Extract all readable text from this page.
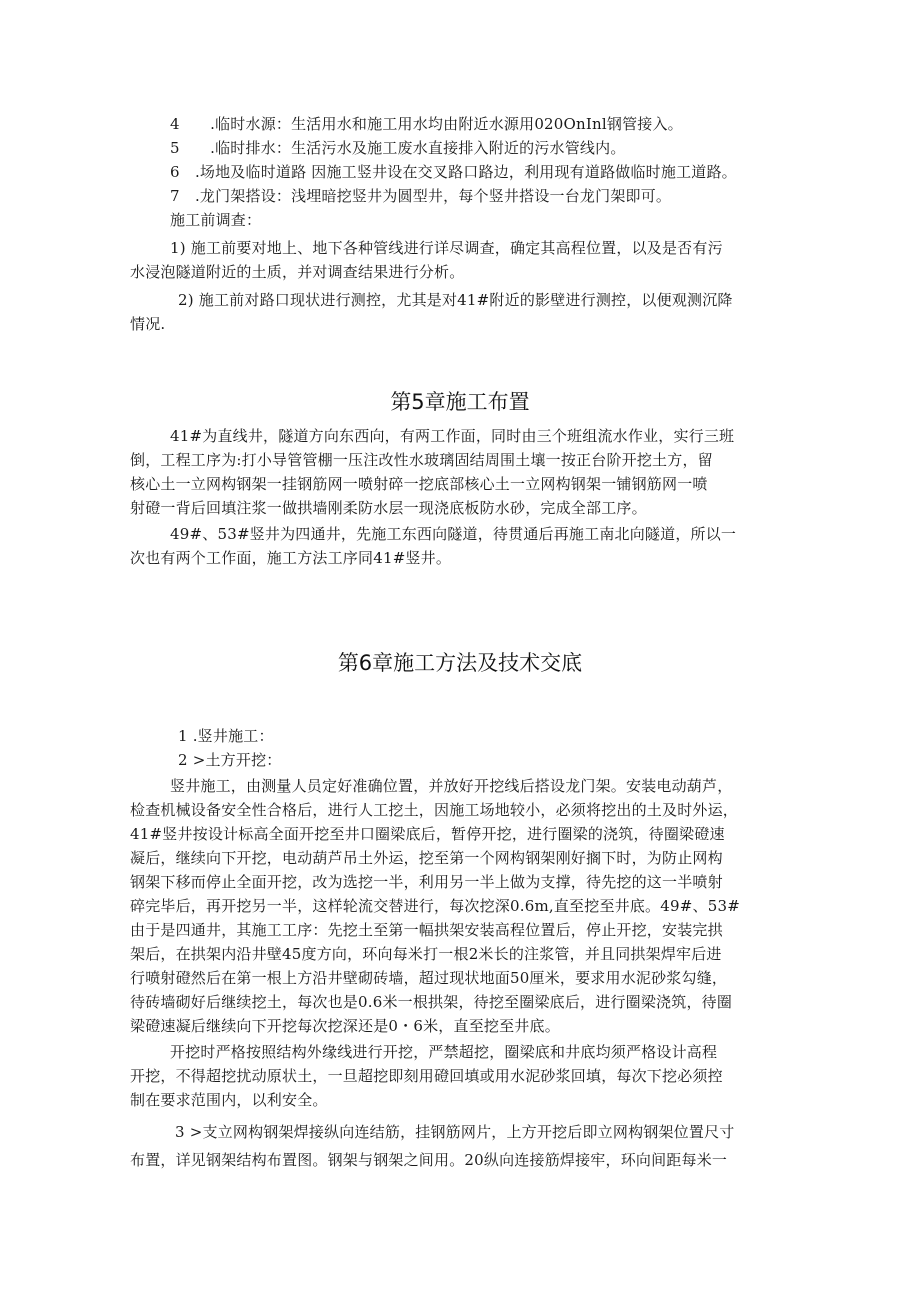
4　　.临时水源：生活用水和施工用水均由附近水源用020OnInl钢管接入。

5　　.临时排水：生活污水及施工废水直接排入附近的污水管线内。

6　.场地及临时道路 因施工竖井设在交叉路口路边，利用现有道路做临时施工道路。

7　.龙门架搭设：浅埋暗挖竖井为圆型井，每个竖井搭设一台龙门架即可。

施工前调查：

1) 施工前要对地上、地下各种管线进行详尽调查，确定其高程位置，以及是否有污

水浸泡隧道附近的土质，并对调查结果进行分析。

2) 施工前对路口现状进行测控，尤其是对41#附近的影壁进行测控，以便观测沉降

情况.

第5章施工布置

41#为直线井，隧道方向东西向，有两工作面，同时由三个班组流水作业，实行三班

倒，工程工序为:打小导管管棚一压注改性水玻璃固结周围土壤一按正台阶开挖土方，留

核心土一立网构钢架一挂钢筋网一喷射碎一挖底部核心土一立网构钢架一铺钢筋网一喷

射磴一背后回填注浆一做拱墙刚柔防水层一现浇底板防水砂，完成全部工序。

49#、53#竖井为四通井，先施工东西向隧道，待贯通后再施工南北向隧道，所以一

次也有两个工作面，施工方法工序同41#竖井。

第6章施工方法及技术交底

1 .竖井施工：

2 >土方开挖：

竖井施工，由测量人员定好准确位置，并放好开挖线后搭设龙门架。安装电动葫芦，

检查机械设备安全性合格后，进行人工挖土，因施工场地较小，必须将挖出的土及时外运，

41#竖井按设计标高全面开挖至井口圈梁底后，暂停开挖，进行圈梁的浇筑，待圈梁磴速

凝后，继续向下开挖，电动葫芦吊土外运，挖至第一个网构钢架刚好搁下时，为防止网构

钢架下移而停止全面开挖，改为选挖一半，利用另一半上做为支撑，待先挖的这一半喷射

碎完毕后，再开挖另一半，这样轮流交替进行，每次挖深0.6m,直至挖至井底。49#、53#

由于是四通井，其施工工序：先挖土至第一幅拱架安装高程位置后，停止开挖，安装完拱

架后，在拱架内沿井壁45度方向，环向每米打一根2米长的注浆管，并且同拱架焊牢后进

行喷射磴然后在第一根上方沿井壁砌砖墙，超过现状地面50厘米，要求用水泥砂浆勾缝，

待砖墙砌好后继续挖土，每次也是0.6米一根拱架，待挖至圈梁底后，进行圈梁浇筑，待圈

梁磴速凝后继续向下开挖每次挖深还是0・6米，直至挖至井底。

开挖时严格按照结构外缘线进行开挖，严禁超挖，圈梁底和井底均须严格设计高程

开挖，不得超挖扰动原状土，一旦超挖即刻用磴回填或用水泥砂浆回填，每次下挖必须控

制在要求范围内，以利安全。

3 >支立网构钢架焊接纵向连结筋，挂钢筋网片，上方开挖后即立网构钢架位置尺寸

布置，详见钢架结构布置图。钢架与钢架之间用。20纵向连接筋焊接牢，环向间距每米一
